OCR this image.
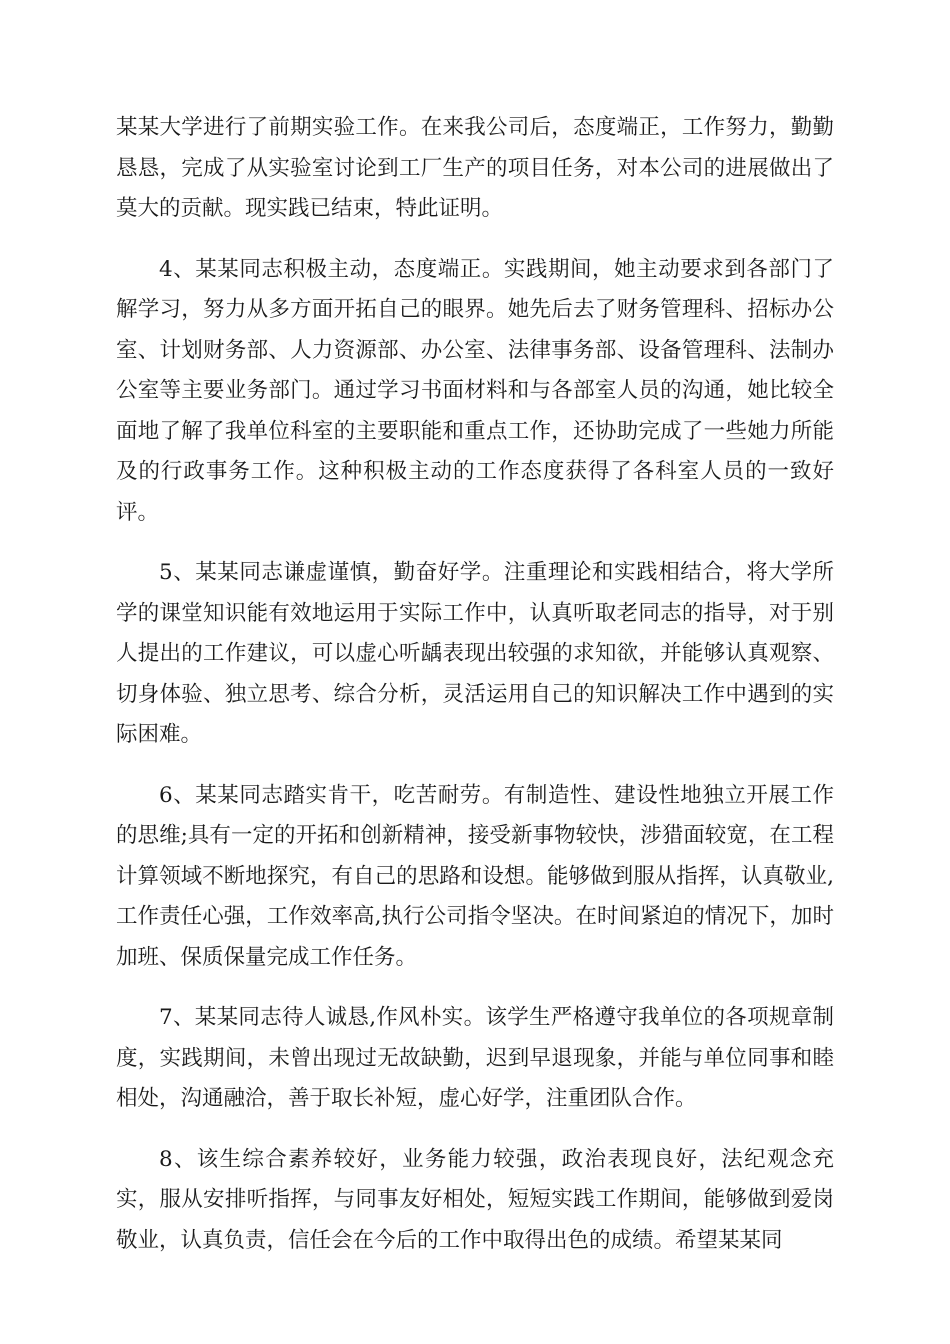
某某大学进行了前期实验工作。在来我公司后，态度端正，工作努力，勤勤恳恳，完成了从实验室讨论到工厂生产的项目任务，对本公司的进展做出了莫大的贡献。现实践已结束，特此证明。

4、某某同志积极主动，态度端正。实践期间，她主动要求到各部门了解学习，努力从多方面开拓自己的眼界。她先后去了财务管理科、招标办公室、计划财务部、人力资源部、办公室、法律事务部、设备管理科、法制办公室等主要业务部门。通过学习书面材料和与各部室人员的沟通，她比较全面地了解了我单位科室的主要职能和重点工作，还协助完成了一些她力所能及的行政事务工作。这种积极主动的工作态度获得了各科室人员的一致好评。

5、某某同志谦虚谨慎，勤奋好学。注重理论和实践相结合，将大学所学的课堂知识能有效地运用于实际工作中，认真听取老同志的指导，对于别人提出的工作建议，可以虚心听龋表现出较强的求知欲，并能够认真观察、切身体验、独立思考、综合分析，灵活运用自己的知识解决工作中遇到的实际困难。

6、某某同志踏实肯干，吃苦耐劳。有制造性、建设性地独立开展工作的思维;具有一定的开拓和创新精神，接受新事物较快，涉猎面较宽，在工程计算领域不断地探究，有自己的思路和设想。能够做到服从指挥，认真敬业,工作责任心强，工作效率高,执行公司指令坚决。在时间紧迫的情况下，加时加班、保质保量完成工作任务。

7、某某同志待人诚恳,作风朴实。该学生严格遵守我单位的各项规章制度，实践期间，未曾出现过无故缺勤，迟到早退现象，并能与单位同事和睦相处，沟通融洽，善于取长补短，虚心好学，注重团队合作。

8、该生综合素养较好，业务能力较强，政治表现良好，法纪观念充实，服从安排听指挥，与同事友好相处，短短实践工作期间，能够做到爱岗敬业，认真负责，信任会在今后的工作中取得出色的成绩。希望某某同
